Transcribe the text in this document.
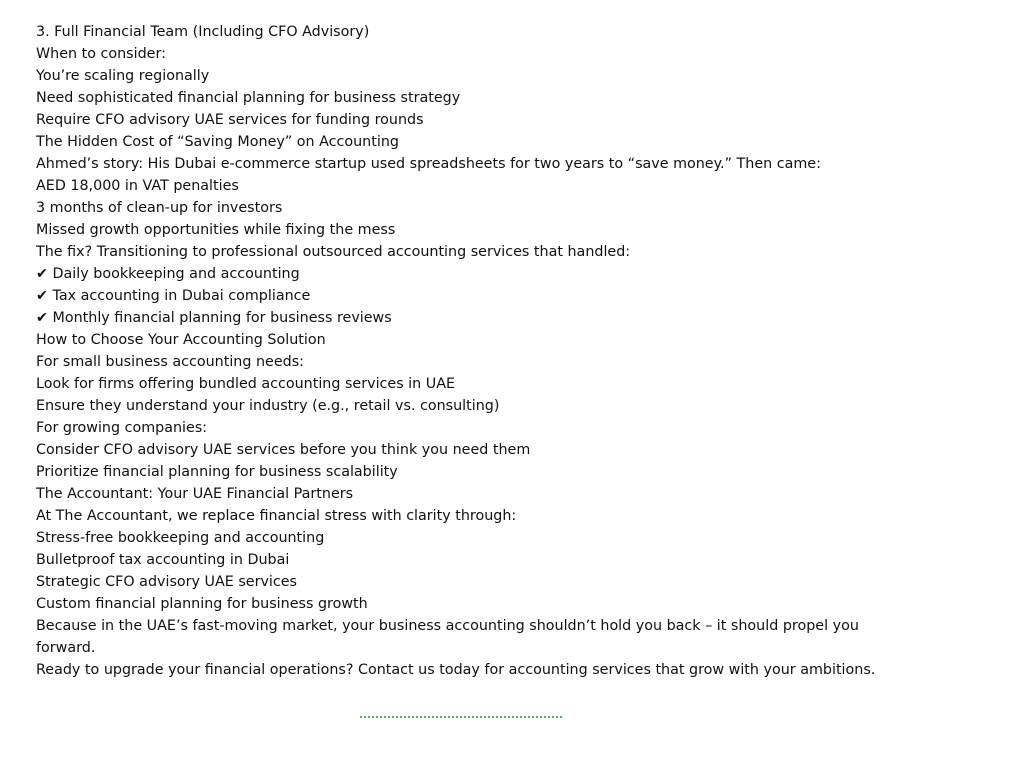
3. Full Financial Team (Including CFO Advisory)
When to consider:
You’re scaling regionally
Need sophisticated financial planning for business strategy
Require CFO advisory UAE services for funding rounds
The Hidden Cost of “Saving Money” on Accounting
Ahmed’s story: His Dubai e-commerce startup used spreadsheets for two years to “save money.” Then came:
AED 18,000 in VAT penalties
3 months of clean-up for investors
Missed growth opportunities while fixing the mess
The fix? Transitioning to professional outsourced accounting services that handled:
✔ Daily bookkeeping and accounting
✔ Tax accounting in Dubai compliance
✔ Monthly financial planning for business reviews
How to Choose Your Accounting Solution
For small business accounting needs:
Look for firms offering bundled accounting services in UAE
Ensure they understand your industry (e.g., retail vs. consulting)
For growing companies:
Consider CFO advisory UAE services before you think you need them
Prioritize financial planning for business scalability
The Accountant: Your UAE Financial Partners
At The Accountant, we replace financial stress with clarity through:
Stress-free bookkeeping and accounting
Bulletproof tax accounting in Dubai
Strategic CFO advisory UAE services
Custom financial planning for business growth
Because in the UAE’s fast-moving market, your business accounting shouldn’t hold you back – it should propel you forward.
Ready to upgrade your financial operations? Contact us today for accounting services that grow with your ambitions.
